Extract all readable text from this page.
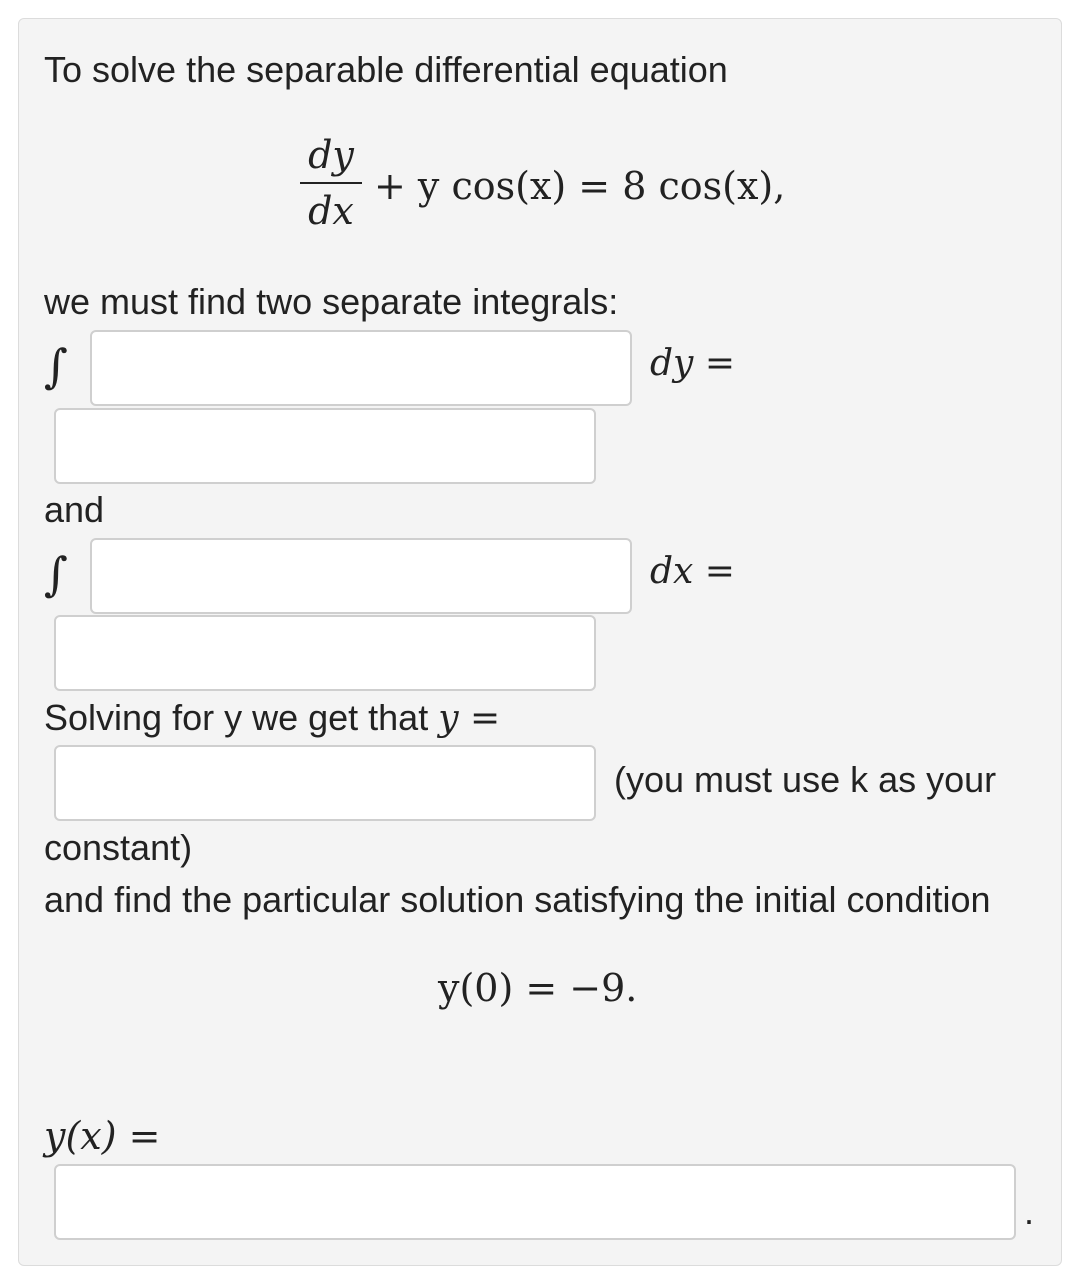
To solve the separable differential equation
dy
dx
+ y cos(x) = 8 cos(x),
we must find two separate integrals:
∫	dy =
and
∫	dx =
Solving for y we get that y =
(you must use k as your
constant)
and find the particular solution satisfying the initial condition
y(0) = −9.
y(x) =
.
